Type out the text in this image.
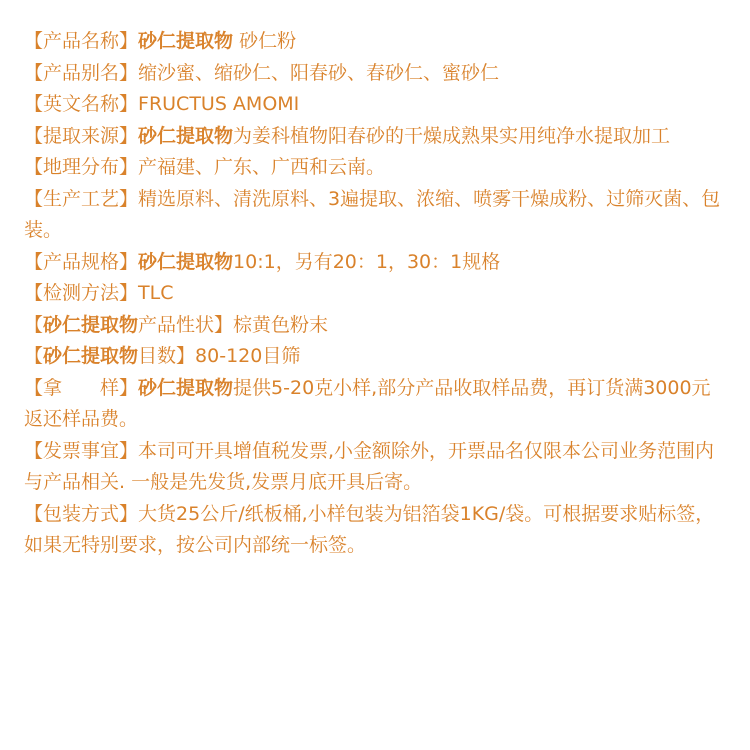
【产品名称】砂仁提取物 砂仁粉

【产品别名】缩沙蜜、缩砂仁、阳春砂、春砂仁、蜜砂仁

【英文名称】FRUCTUS AMOMI

【提取来源】砂仁提取物为姜科植物阳春砂的干燥成熟果实用纯净水提取加工

【地理分布】产福建、广东、广西和云南。

【生产工艺】精选原料、清洗原料、3遍提取、浓缩、喷雾干燥成粉、过筛灭菌、包装。

【产品规格】砂仁提取物10:1，另有20：1，30：1规格

【检测方法】TLC

【砂仁提取物产品性状】棕黄色粉末

【砂仁提取物目数】80-120目筛

【拿 样】砂仁提取物提供5-20克小样,部分产品收取样品费，再订货满3000元返还样品费。

【发票事宜】本司可开具增值税发票,小金额除外，开票品名仅限本公司业务范围内与产品相关. 一般是先发货,发票月底开具后寄。

【包装方式】大货25公斤/纸板桶,小样包装为铝箔袋1KG/袋。可根据要求贴标签，如果无特别要求，按公司内部统一标签。
